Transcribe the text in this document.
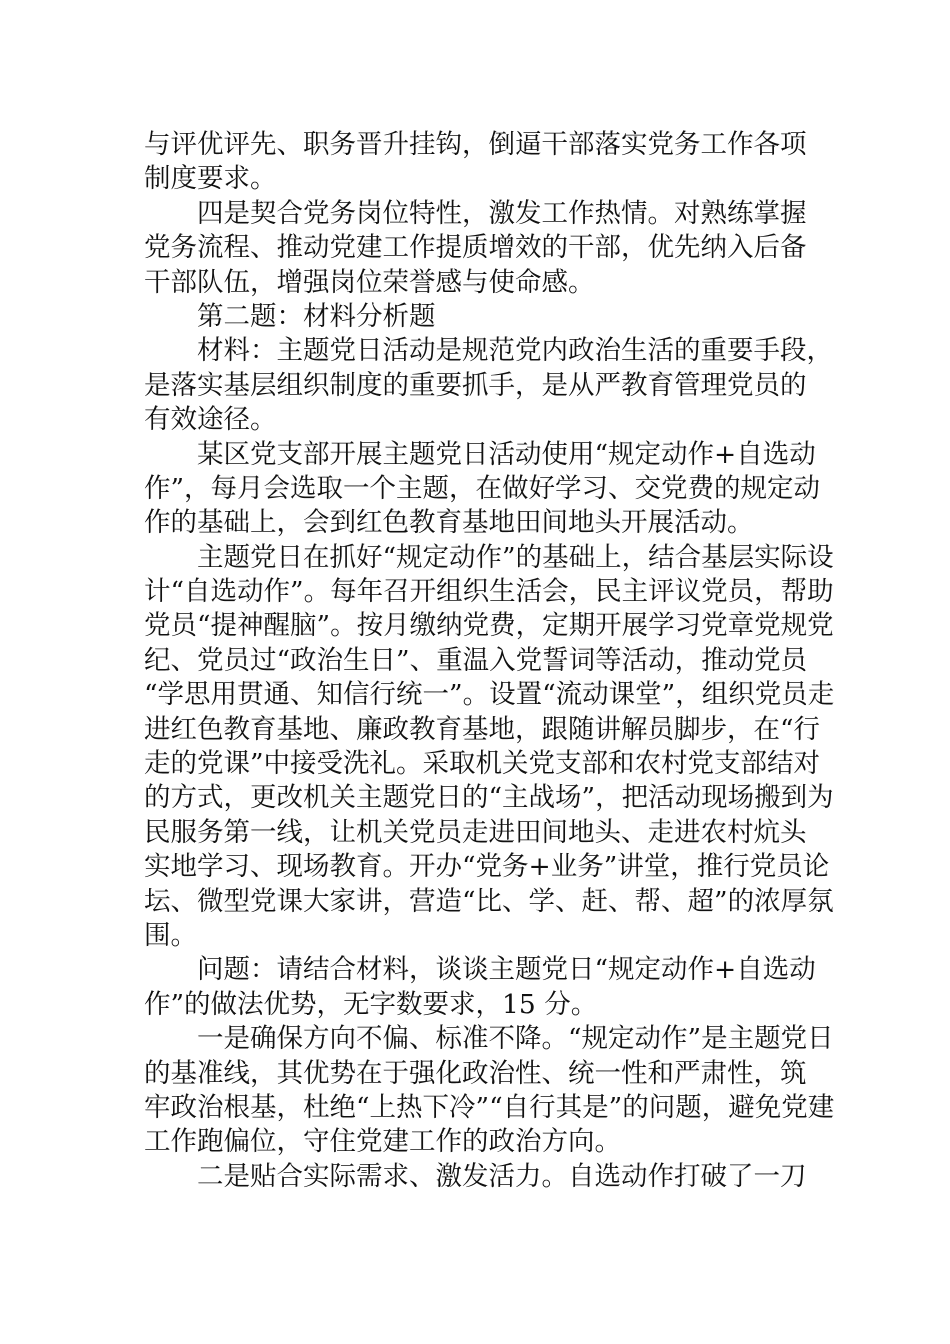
与评优评先、职务晋升挂钩，倒逼干部落实党务工作各项
制度要求。
四是契合党务岗位特性，激发工作热情。对熟练掌握
党务流程、推动党建工作提质增效的干部，优先纳入后备
干部队伍，增强岗位荣誉感与使命感。
第二题：材料分析题
材料：主题党日活动是规范党内政治生活的重要手段，
是落实基层组织制度的重要抓手，是从严教育管理党员的
有效途径。
某区党支部开展主题党日活动使用“规定动作+自选动
作”，每月会选取一个主题，在做好学习、交党费的规定动
作的基础上，会到红色教育基地田间地头开展活动。
主题党日在抓好“规定动作”的基础上，结合基层实际设
计“自选动作”。每年召开组织生活会，民主评议党员，帮助
党员“提神醒脑”。按月缴纳党费，定期开展学习党章党规党
纪、党员过“政治生日”、重温入党誓词等活动，推动党员
“学思用贯通、知信行统一”。设置“流动课堂”，组织党员走
进红色教育基地、廉政教育基地，跟随讲解员脚步，在“行
走的党课”中接受洗礼。采取机关党支部和农村党支部结对
的方式，更改机关主题党日的“主战场”，把活动现场搬到为
民服务第一线，让机关党员走进田间地头、走进农村炕头
实地学习、现场教育。开办“党务+业务”讲堂，推行党员论
坛、微型党课大家讲，营造“比、学、赶、帮、超”的浓厚氛
围。
问题：请结合材料，谈谈主题党日“规定动作+自选动
作”的做法优势，无字数要求，15 分。
一是确保方向不偏、标准不降。“规定动作”是主题党日
的基准线，其优势在于强化政治性、统一性和严肃性，筑
牢政治根基，杜绝“上热下冷”“自行其是”的问题，避免党建
工作跑偏位，守住党建工作的政治方向。
二是贴合实际需求、激发活力。自选动作打破了一刀
